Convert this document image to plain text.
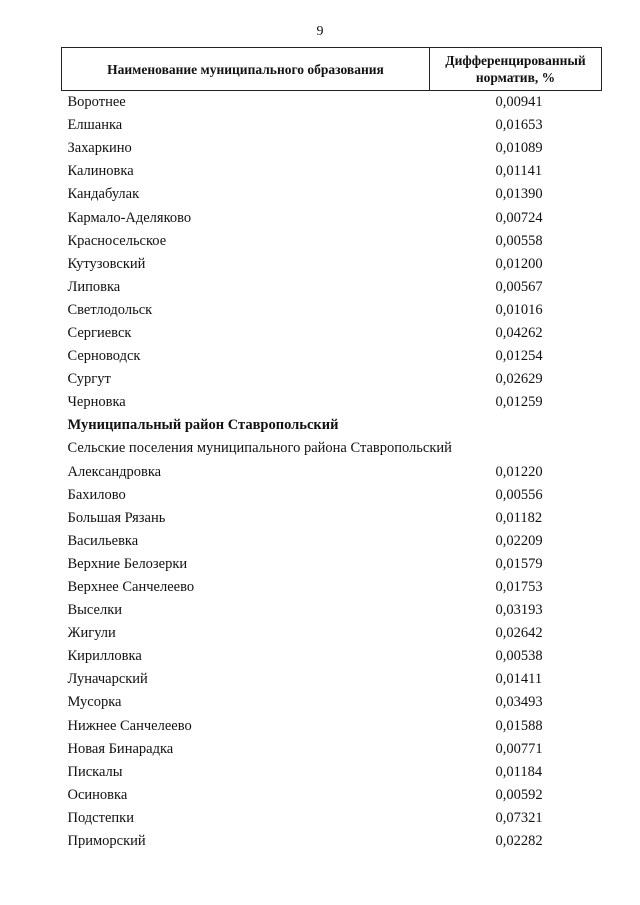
9
Наименование муниципального образования	Дифференцированный норматив, %
Воротнее	0,00941
Елшанка	0,01653
Захаркино	0,01089
Калиновка	0,01141
Кандабулак	0,01390
Кармало-Аделяково	0,00724
Красносельское	0,00558
Кутузовский	0,01200
Липовка	0,00567
Светлодольск	0,01016
Сергиевск	0,04262
Серноводск	0,01254
Сургут	0,02629
Черновка	0,01259
Муниципальный район Ставропольский	
Сельские поселения муниципального района Ставропольский	
Александровка	0,01220
Бахилово	0,00556
Большая Рязань	0,01182
Васильевка	0,02209
Верхние Белозерки	0,01579
Верхнее Санчелеево	0,01753
Выселки	0,03193
Жигули	0,02642
Кирилловка	0,00538
Луначарский	0,01411
Мусорка	0,03493
Нижнее Санчелеево	0,01588
Новая Бинарадка	0,00771
Пискалы	0,01184
Осиновка	0,00592
Подстепки	0,07321
Приморский	0,02282
